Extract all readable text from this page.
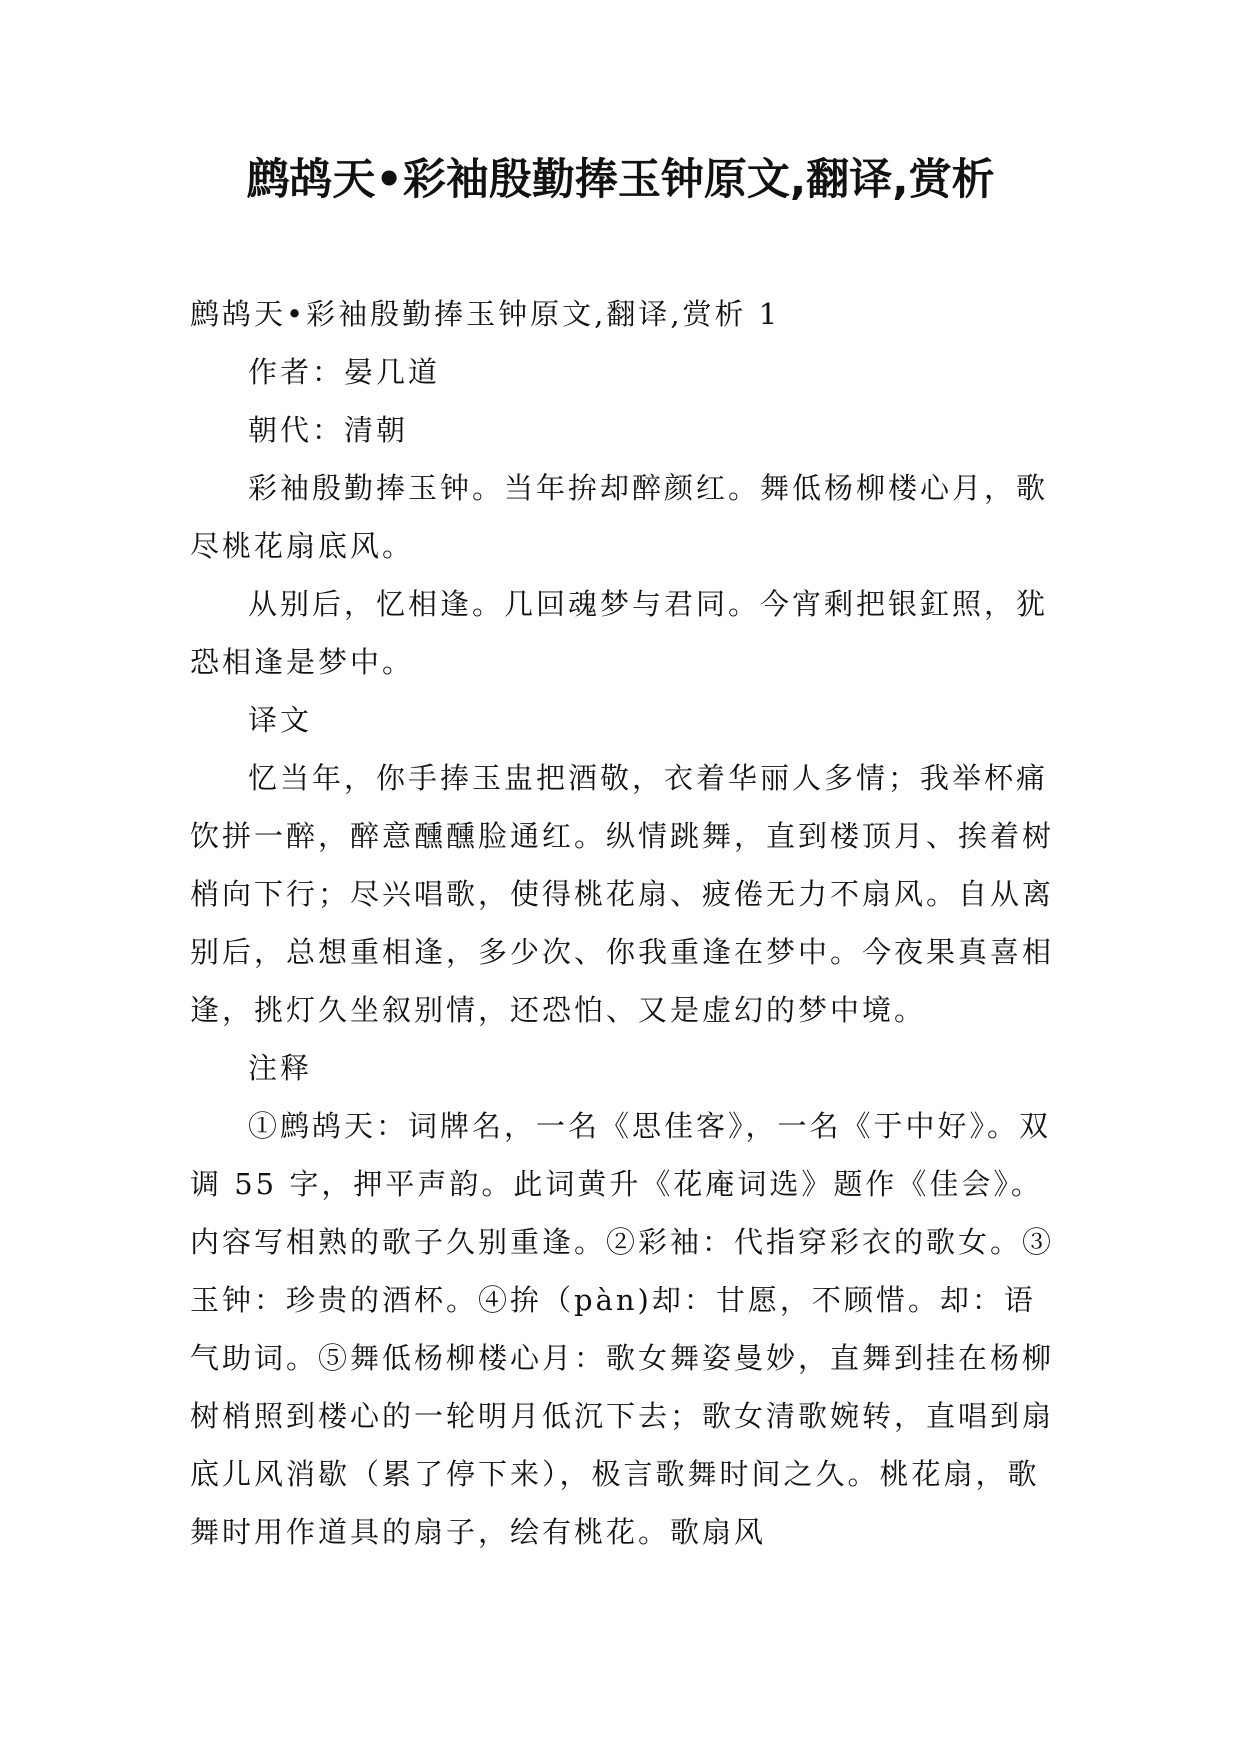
鹧鸪天•彩袖殷勤捧玉钟原文,翻译,赏析

鹧鸪天•彩袖殷勤捧玉钟原文,翻译,赏析 1

作者：晏几道

朝代：清朝

彩袖殷勤捧玉钟。当年拚却醉颜红。舞低杨柳楼心月，歌尽桃花扇底风。

从别后，忆相逢。几回魂梦与君同。今宵剩把银釭照，犹恐相逢是梦中。

译文

忆当年，你手捧玉盅把酒敬，衣着华丽人多情；我举杯痛饮拼一醉，醉意醺醺脸通红。纵情跳舞，直到楼顶月、挨着树梢向下行；尽兴唱歌，使得桃花扇、疲倦无力不扇风。自从离别后，总想重相逢，多少次、你我重逢在梦中。今夜果真喜相逢，挑灯久坐叙别情，还恐怕、又是虚幻的梦中境。

注释

①鹧鸪天：词牌名，一名《思佳客》，一名《于中好》。双调 55 字，押平声韵。此词黄升《花庵词选》题作《佳会》。内容写相熟的歌子久别重逢。②彩袖：代指穿彩衣的歌女。③玉钟：珍贵的酒杯。④拚（pàn)却：甘愿，不顾惜。却：语气助词。⑤舞低杨柳楼心月：歌女舞姿曼妙，直舞到挂在杨柳树梢照到楼心的一轮明月低沉下去；歌女清歌婉转，直唱到扇底儿风消歇（累了停下来），极言歌舞时间之久。桃花扇，歌舞时用作道具的扇子，绘有桃花。歌扇风
